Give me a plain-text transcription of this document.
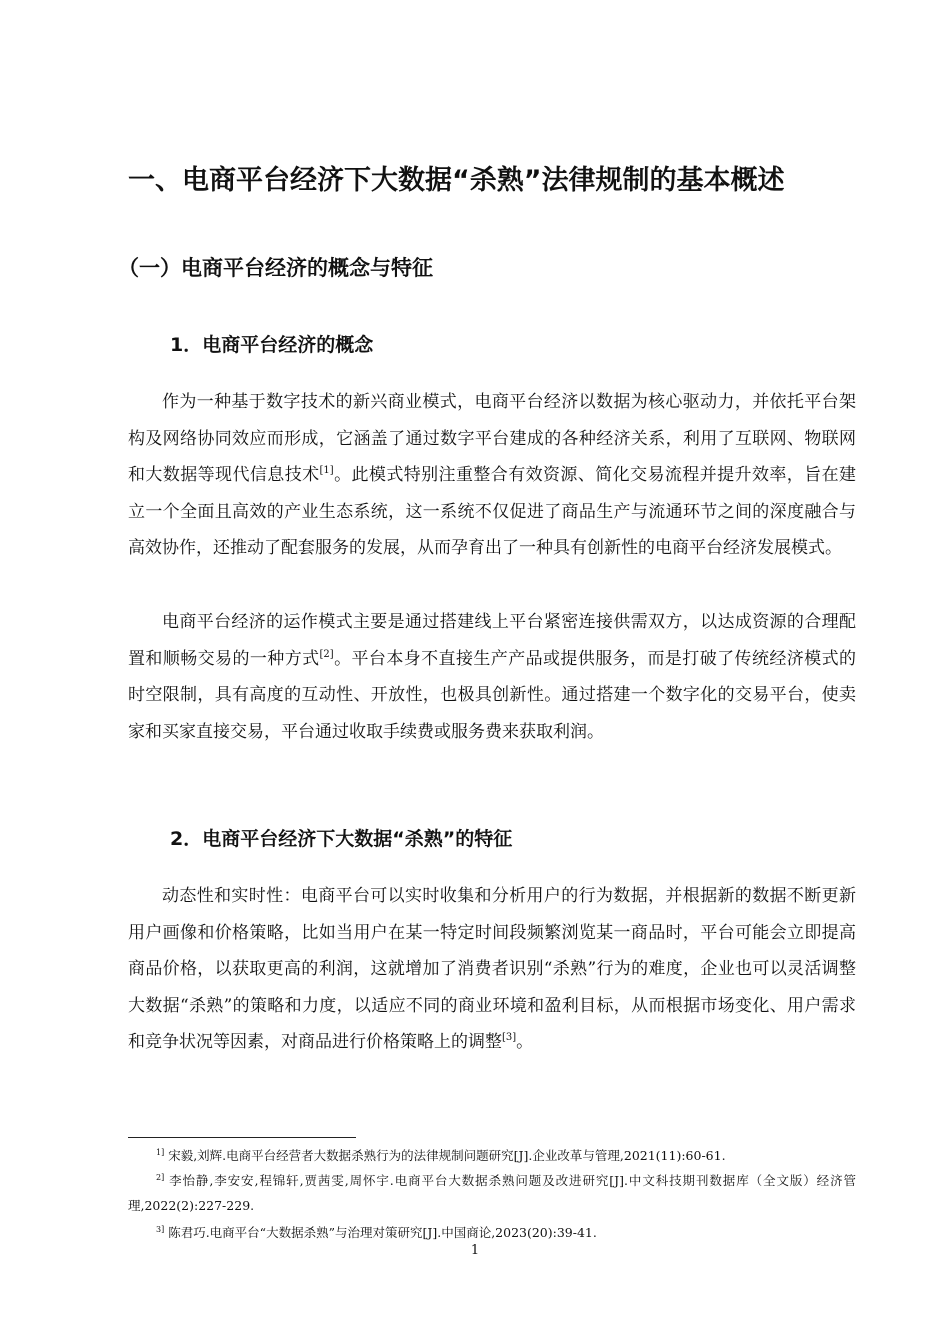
一、电商平台经济下大数据“杀熟”法律规制的基本概述
（一）电商平台经济的概念与特征
1．电商平台经济的概念

作为一种基于数字技术的新兴商业模式，电商平台经济以数据为核心驱动力，并依托平台架构及网络协同效应而形成，它涵盖了通过数字平台建成的各种经济关系，利用了互联网、物联网和大数据等现代信息技术[1]。此模式特别注重整合有效资源、简化交易流程并提升效率，旨在建立一个全面且高效的产业生态系统，这一系统不仅促进了商品生产与流通环节之间的深度融合与高效协作，还推动了配套服务的发展，从而孕育出了一种具有创新性的电商平台经济发展模式。

电商平台经济的运作模式主要是通过搭建线上平台紧密连接供需双方，以达成资源的合理配置和顺畅交易的一种方式[2]。平台本身不直接生产产品或提供服务，而是打破了传统经济模式的时空限制，具有高度的互动性、开放性，也极具创新性。通过搭建一个数字化的交易平台，使卖家和买家直接交易，平台通过收取手续费或服务费来获取利润。

2．电商平台经济下大数据“杀熟”的特征

动态性和实时性：电商平台可以实时收集和分析用户的行为数据，并根据新的数据不断更新用户画像和价格策略，比如当用户在某一特定时间段频繁浏览某一商品时，平台可能会立即提高商品价格，以获取更高的利润，这就增加了消费者识别“杀熟”行为的难度，企业也可以灵活调整大数据“杀熟”的策略和力度，以适应不同的商业环境和盈利目标，从而根据市场变化、用户需求和竞争状况等因素，对商品进行价格策略上的调整[3]。

$^{1]}$ 宋毅,刘辉.电商平台经营者大数据杀熟行为的法律规制问题研究[J].企业改革与管理,2021(11):60-61.

$^{2]}$ 李怡静,李安安,程锦轩,贾茜雯,周怀宇.电商平台大数据杀熟问题及改进研究[J].中文科技期刊数据库（全文版）经济管理,2022(2):227-229.

$^{3]}$ 陈君巧.电商平台“大数据杀熟”与治理对策研究[J].中国商论,2023(20):39-41.

1
